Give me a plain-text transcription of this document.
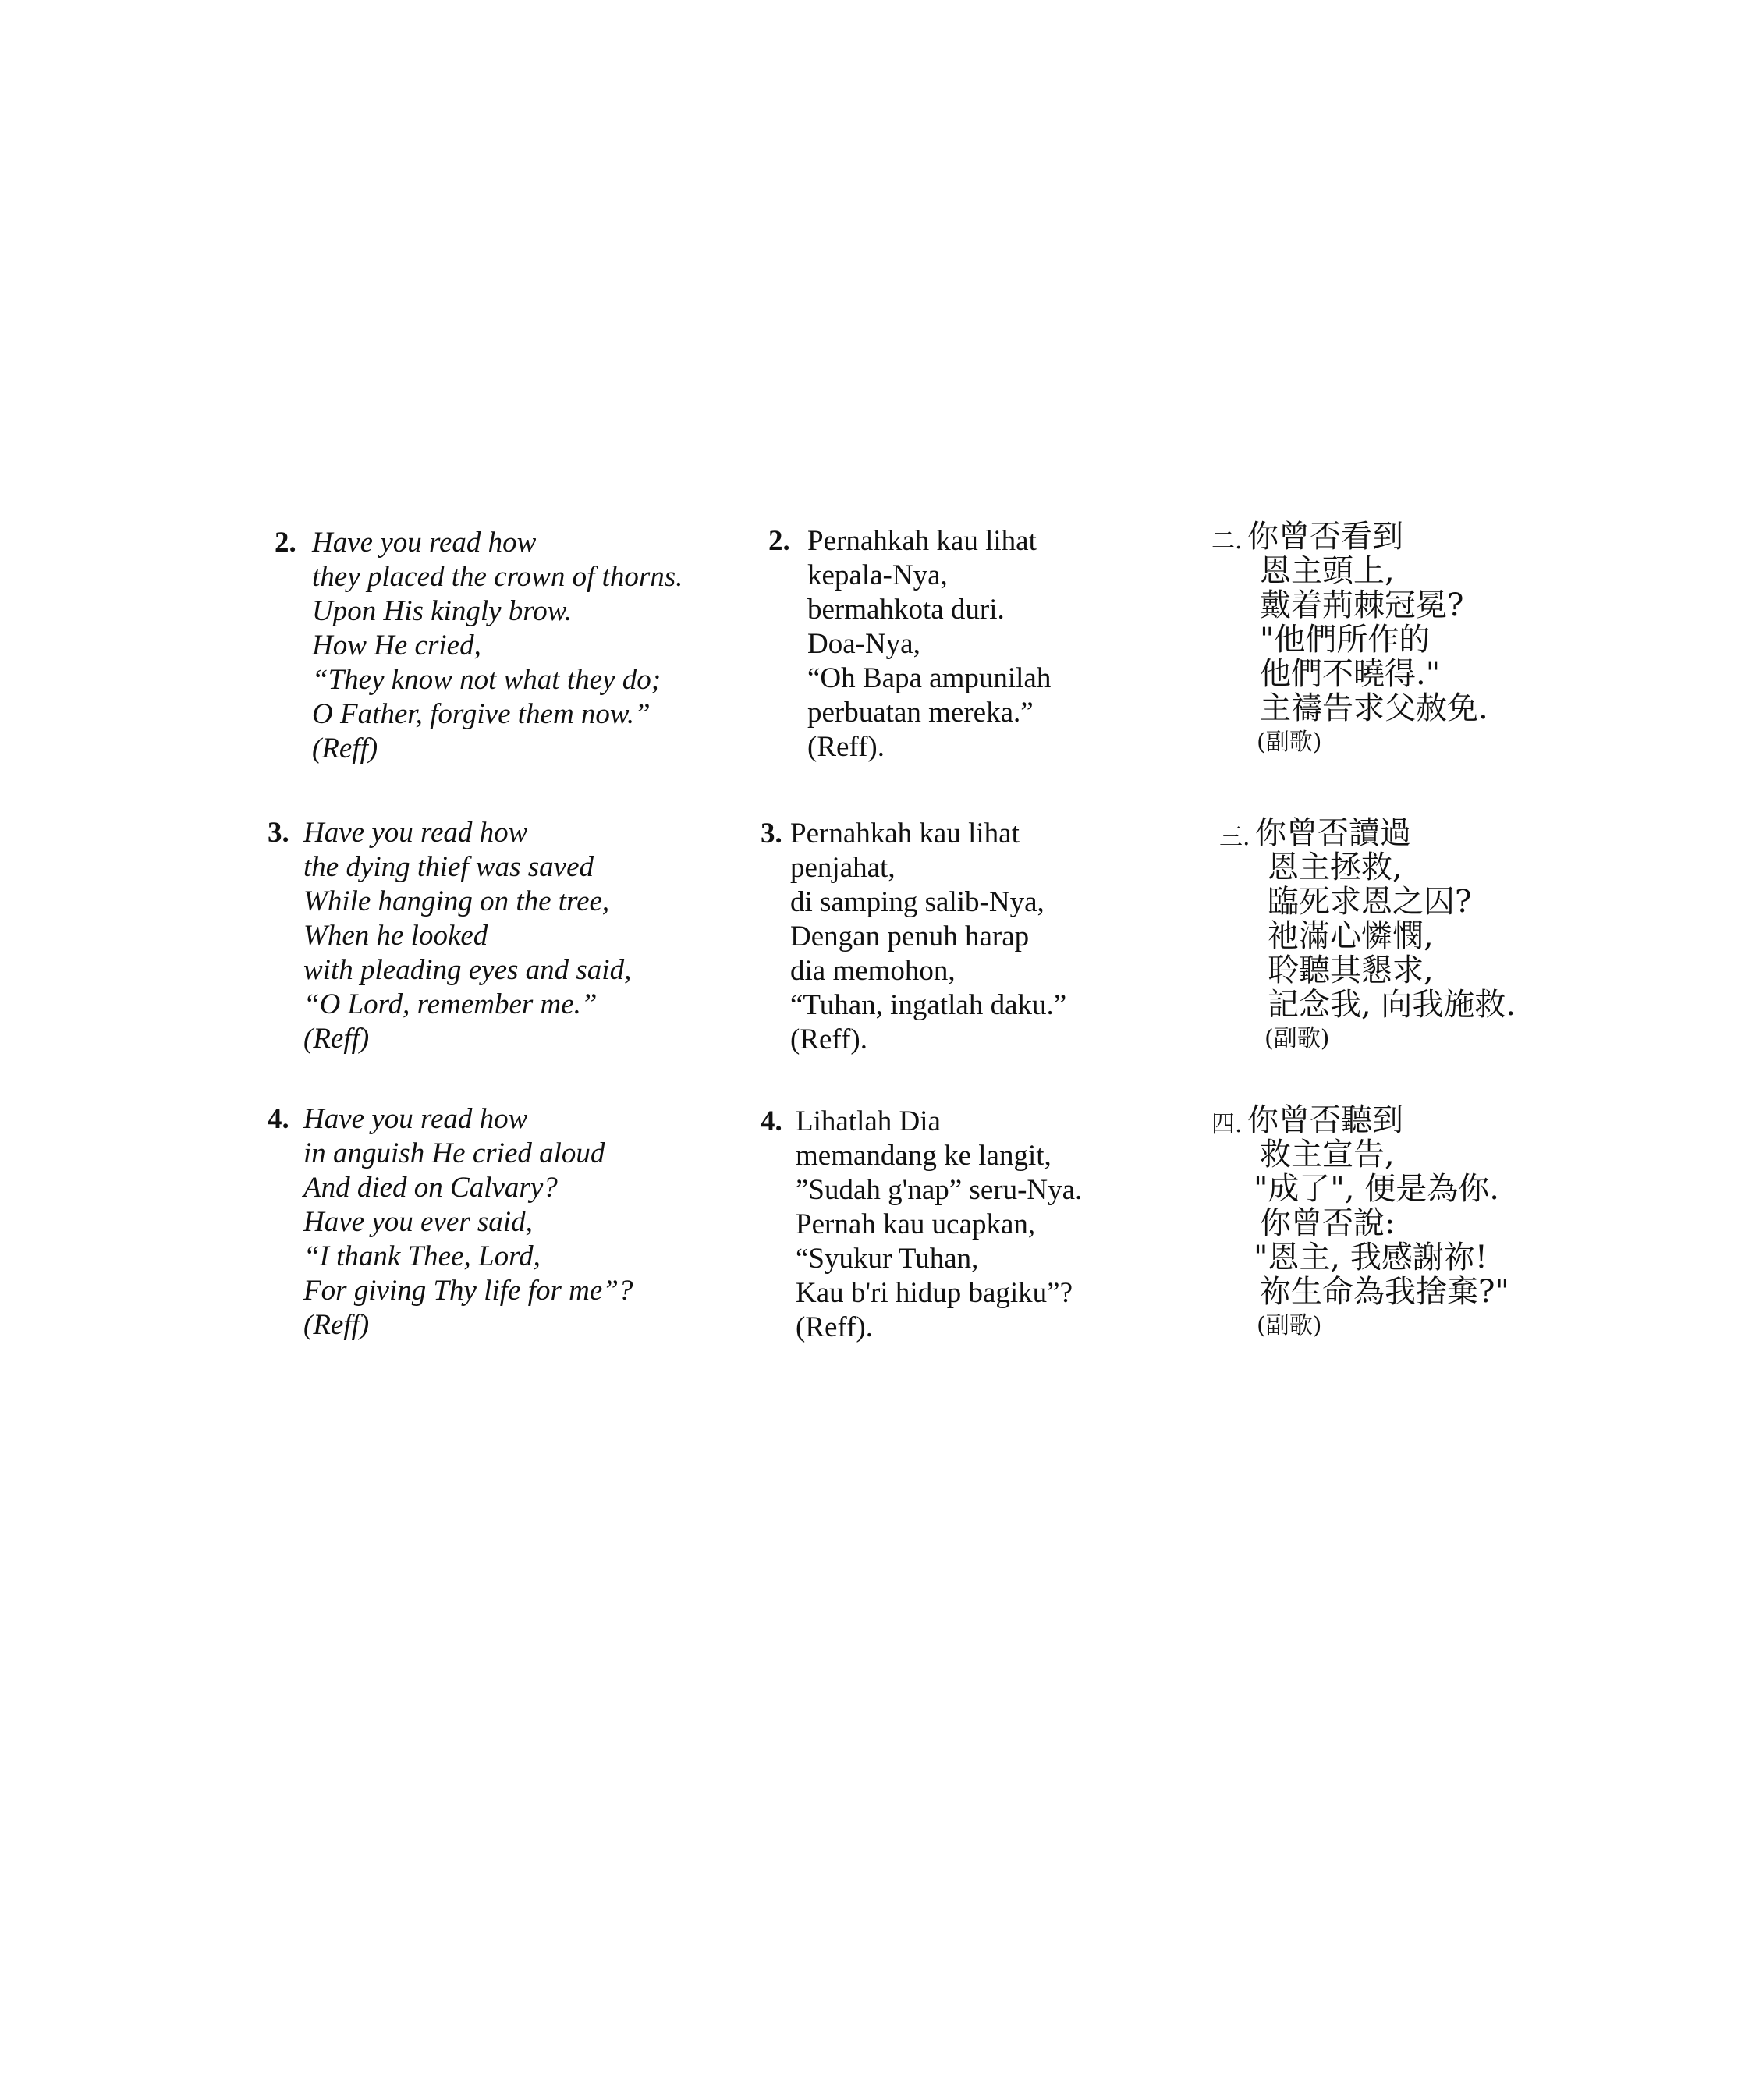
2. Have you read how
they placed the crown of thorns.
Upon His kingly brow.
How He cried,
“They know not what they do;
O Father, forgive them now.”
(Reff)
3. Have you read how
the dying thief was saved
While hanging on the tree,
When he looked
with pleading eyes and said,
“O Lord, remember me.”
(Reff)
4. Have you read how
in anguish He cried aloud
And died on Calvary?
Have you ever said,
“I thank Thee, Lord,
For giving Thy life for me”?
(Reff)
2. Pernahkah kau lihat
kepala-Nya,
bermahkota duri.
Doa-Nya,
“Oh Bapa ampunilah
perbuatan mereka.”
(Reff).
3. Pernahkah kau lihat
penjahat,
di samping salib-Nya,
Dengan penuh harap
dia memohon,
“Tuhan, ingatlah daku.”
(Reff).
4. Lihatlah Dia
memandang ke langit,
”Sudah g'nap” seru-Nya.
Pernah kau ucapkan,
“Syukur Tuhan,
Kau b'ri hidup bagiku”?
(Reff).
二. 你曾否看到
恩主頭上,
戴着荊棘冠冕?
"他們所作的
他們不曉得."
主禱告求父赦免.
(副歌)
三. 你曾否讀過
恩主拯救,
臨死求恩之囚?
祂滿心憐憫,
聆聽其懇求,
記念我, 向我施救.
(副歌)
四. 你曾否聽到
救主宣告,
"成了", 便是為你.
你曾否說:
"恩主, 我感謝祢!
祢生命為我捨棄?"
(副歌)
